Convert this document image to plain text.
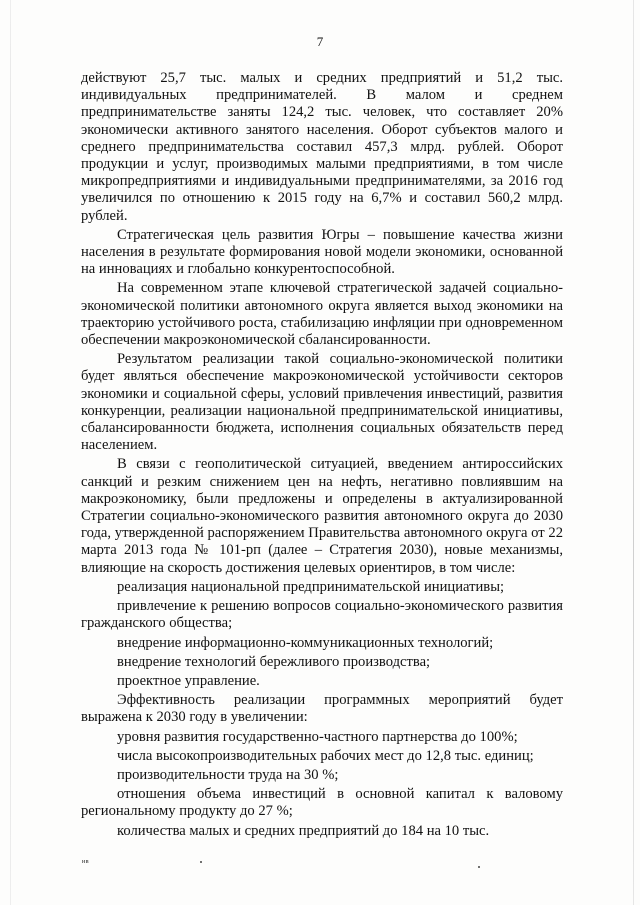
7

действуют 25,7 тыс. малых и средних предприятий и 51,2 тыс. индивидуальных предпринимателей. В малом и среднем предпринимательстве заняты 124,2 тыс. человек, что составляет 20% экономически активного занятого населения. Оборот субъектов малого и среднего предпринимательства составил 457,3 млрд. рублей. Оборот продукции и услуг, производимых малыми предприятиями, в том числе микропредприятиями и индивидуальными предпринимателями, за 2016 год увеличился по отношению к 2015 году на 6,7% и составил 560,2 млрд. рублей.

Стратегическая цель развития Югры – повышение качества жизни населения в результате формирования новой модели экономики, основанной на инновациях и глобально конкурентоспособной.

На современном этапе ключевой стратегической задачей социально-экономической политики автономного округа является выход экономики на траекторию устойчивого роста, стабилизацию инфляции при одновременном обеспечении макроэкономической сбалансированности.

Результатом реализации такой социально-экономической политики будет являться обеспечение макроэкономической устойчивости секторов экономики и социальной сферы, условий привлечения инвестиций, развития конкуренции, реализации национальной предпринимательской инициативы, сбалансированности бюджета, исполнения социальных обязательств перед населением.

В связи с геополитической ситуацией, введением антироссийских санкций и резким снижением цен на нефть, негативно повлиявшим на макроэкономику, были предложены и определены в актуализированной Стратегии социально-экономического развития автономного округа до 2030 года, утвержденной распоряжением Правительства автономного округа от 22 марта 2013 года № 101-рп (далее – Стратегия 2030), новые механизмы, влияющие на скорость достижения целевых ориентиров, в том числе:

реализация национальной предпринимательской инициативы;

привлечение к решению вопросов социально-экономического развития гражданского общества;

внедрение информационно-коммуникационных технологий;

внедрение технологий бережливого производства;

проектное управление.

Эффективность реализации программных мероприятий будет выражена к 2030 году в увеличении:

уровня развития государственно-частного партнерства до 100%;

числа высокопроизводительных рабочих мест до 12,8 тыс. единиц;

производительности труда на 30 %;

отношения объема инвестиций в основной капитал к валовому региональному продукту до 27 %;

количества малых и средних предприятий до 184 на 10 тыс.

нв
